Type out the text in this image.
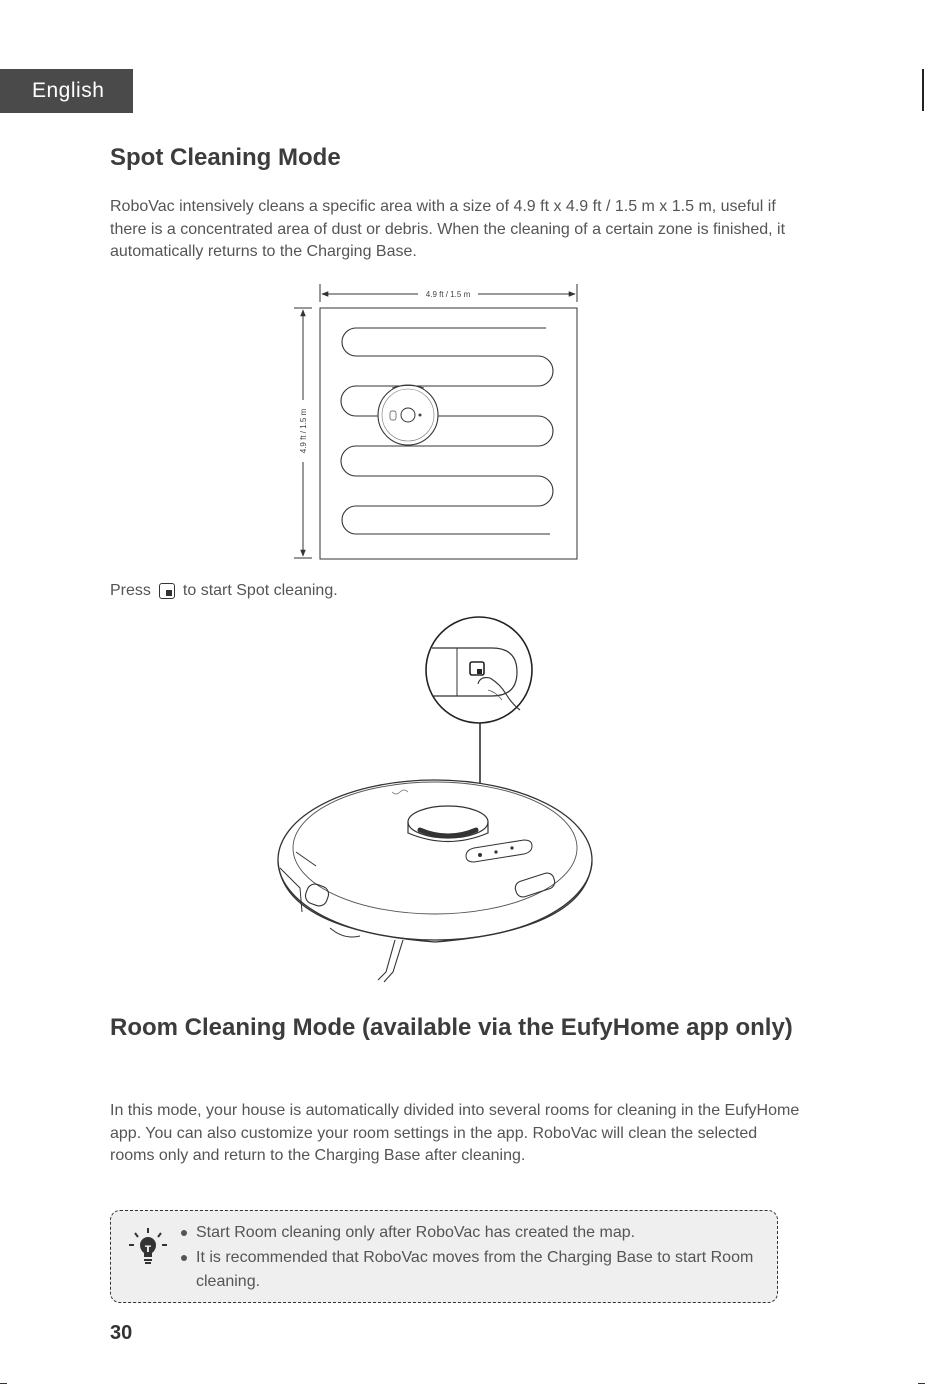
English
Spot Cleaning Mode

RoboVac intensively cleans a specific area with a size of 4.9 ft x 4.9 ft / 1.5 m x 1.5 m, useful if there is a concentrated area of dust or debris. When the cleaning of a certain zone is finished, it automatically returns to the Charging Base.

4.9 ft / 1.5 m
4.9 ft / 1.5 m
Press to start Spot cleaning.
Room Cleaning Mode (available via the EufyHome app only)

In this mode, your house is automatically divided into several rooms for cleaning in the EufyHome app. You can also customize your room settings in the app. RoboVac will clean the selected rooms only and return to the Charging Base after cleaning.

T
Start Room cleaning only after RoboVac has created the map.
It is recommended that RoboVac moves from the Charging Base to start Room cleaning.
30
